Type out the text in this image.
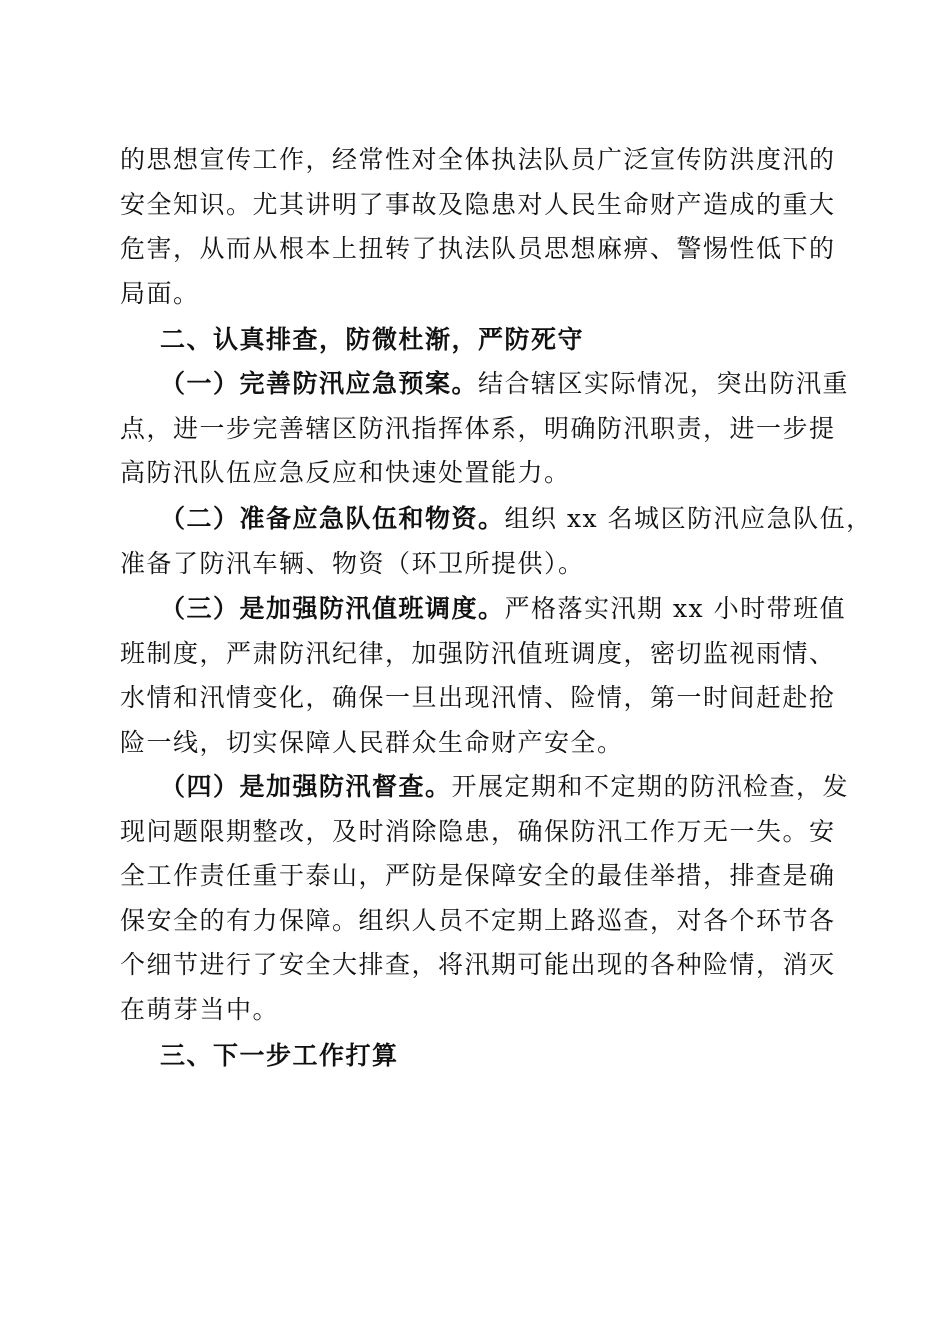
的思想宣传工作，经常性对全体执法队员广泛宣传防洪度汛的
安全知识。尤其讲明了事故及隐患对人民生命财产造成的重大
危害，从而从根本上扭转了执法队员思想麻痹、警惕性低下的
局面。

二、认真排查，防微杜渐，严防死守

（一）完善防汛应急预案。结合辖区实际情况，突出防汛重
点，进一步完善辖区防汛指挥体系，明确防汛职责，进一步提
高防汛队伍应急反应和快速处置能力。

（二）准备应急队伍和物资。组织 xx 名城区防汛应急队伍，
准备了防汛车辆、物资（环卫所提供）。

（三）是加强防汛值班调度。严格落实汛期 xx 小时带班值
班制度，严肃防汛纪律，加强防汛值班调度，密切监视雨情、
水情和汛情变化，确保一旦出现汛情、险情，第一时间赶赴抢
险一线，切实保障人民群众生命财产安全。

（四）是加强防汛督查。开展定期和不定期的防汛检查，发
现问题限期整改，及时消除隐患，确保防汛工作万无一失。安
全工作责任重于泰山，严防是保障安全的最佳举措，排查是确
保安全的有力保障。组织人员不定期上路巡查，对各个环节各
个细节进行了安全大排查，将汛期可能出现的各种险情，消灭
在萌芽当中。

三、下一步工作打算
